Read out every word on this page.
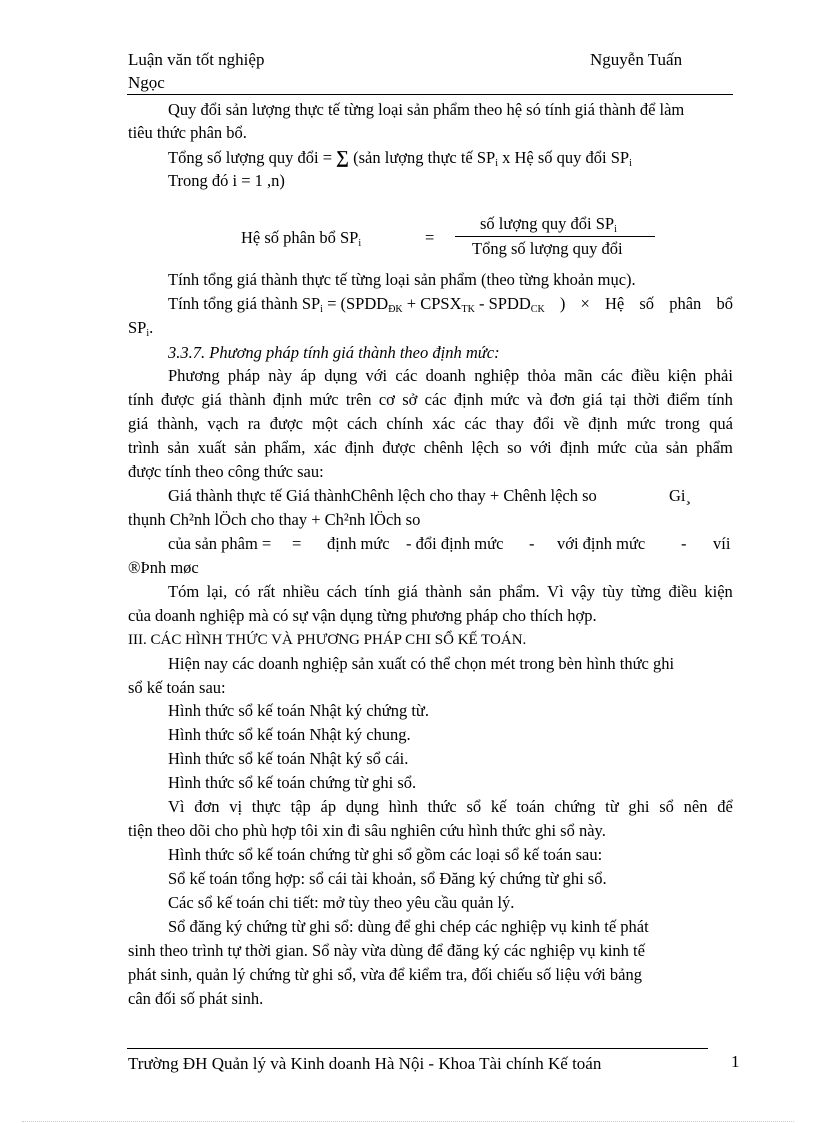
Luận văn tốt nghiệp	Nguyễn Tuấn
Ngọc
Quy đổi sản lượng thực tế từng loại sản phẩm theo hệ só tính giá thành để làm
tiêu thức phân bổ.
Tổng số lượng quy đổi = ∑ (sản lượng thực tế $SP_i$ x Hệ số quy đổi $SP_i$
Trong đó i = 1 ,n)
Hệ số phân bổ $SP_i$	=
số lượng quy đổi $SP_i$
Tổng số lượng quy đổi
Tính tổng giá thành thực tế từng loại sản phẩm (theo từng khoản mục).
Tính tổng giá thành $SP_i$ = ($SPDD_{ĐK}$ + $CPSX_{TK}$ - $SPDD_{CK}$ ) × Hệ số phân bổ
$SP_i$.
3.3.7. Phương pháp tính giá thành theo định mức:
Phương pháp này áp dụng với các doanh nghiệp thỏa mãn các điều kiện phải
tính được giá thành định mức trên cơ sở các định mức và đơn giá tại thời điểm tính
giá thành, vạch ra được một cách chính xác các thay đổi về định mức trong quá
trình sản xuất sản phẩm, xác định được chênh lệch so với định mức của sản phẩm
được tính theo công thức sau:
Giá thành thực tế Giá thànhChênh lệch cho thay + Chênh lệch so	Gi¸
thụnh Ch²nh lÖch cho thay + Ch²nh lÖch so
của sản phâm = = định mức - đổi định mức - với định mức - víi
®Þnh møc
Tóm lại, có rất nhiều cách tính giá thành sản phẩm. Vì vậy tùy từng điều kiện
của doanh nghiệp mà có sự vận dụng từng phương pháp cho thích hợp.
III. CÁC HÌNH THỨC VÀ PHƯƠNG PHÁP CHI SỔ KẾ TOÁN.
Hiện nay các doanh nghiệp sản xuất có thể chọn mét trong bèn hình thức ghi
sổ kế toán sau:
Hình thức sổ kế toán Nhật ký chứng từ.
Hình thức sổ kế toán Nhật ký chung.
Hình thức sổ kế toán Nhật ký sổ cái.
Hình thức sổ kế toán chứng từ ghi sổ.
Vì đơn vị thực tập áp dụng hình thức sổ kế toán chứng từ ghi sổ nên để
tiện theo dõi cho phù hợp tôi xin đi sâu nghiên cứu hình thức ghi sổ này.
Hình thức sổ kế toán chứng từ ghi sổ gồm các loại sổ kế toán sau:
Sổ kế toán tổng hợp: sổ cái tài khoản, sổ Đăng ký chứng từ ghi sổ.
Các sổ kế toán chi tiết: mở tùy theo yêu cầu quản lý.
Sổ đăng ký chứng từ ghi sổ: dùng để ghi chép các nghiệp vụ kinh tế phát
sinh theo trình tự thời gian. Sổ này vừa dùng để đăng ký các nghiệp vụ kinh tế
phát sinh, quản lý chứng từ ghi sổ, vừa để kiểm tra, đối chiếu số liệu với bảng
cân đối số phát sinh.
Trường ĐH Quản lý và Kinh doanh Hà Nội - Khoa Tài chính Kế toán	1
